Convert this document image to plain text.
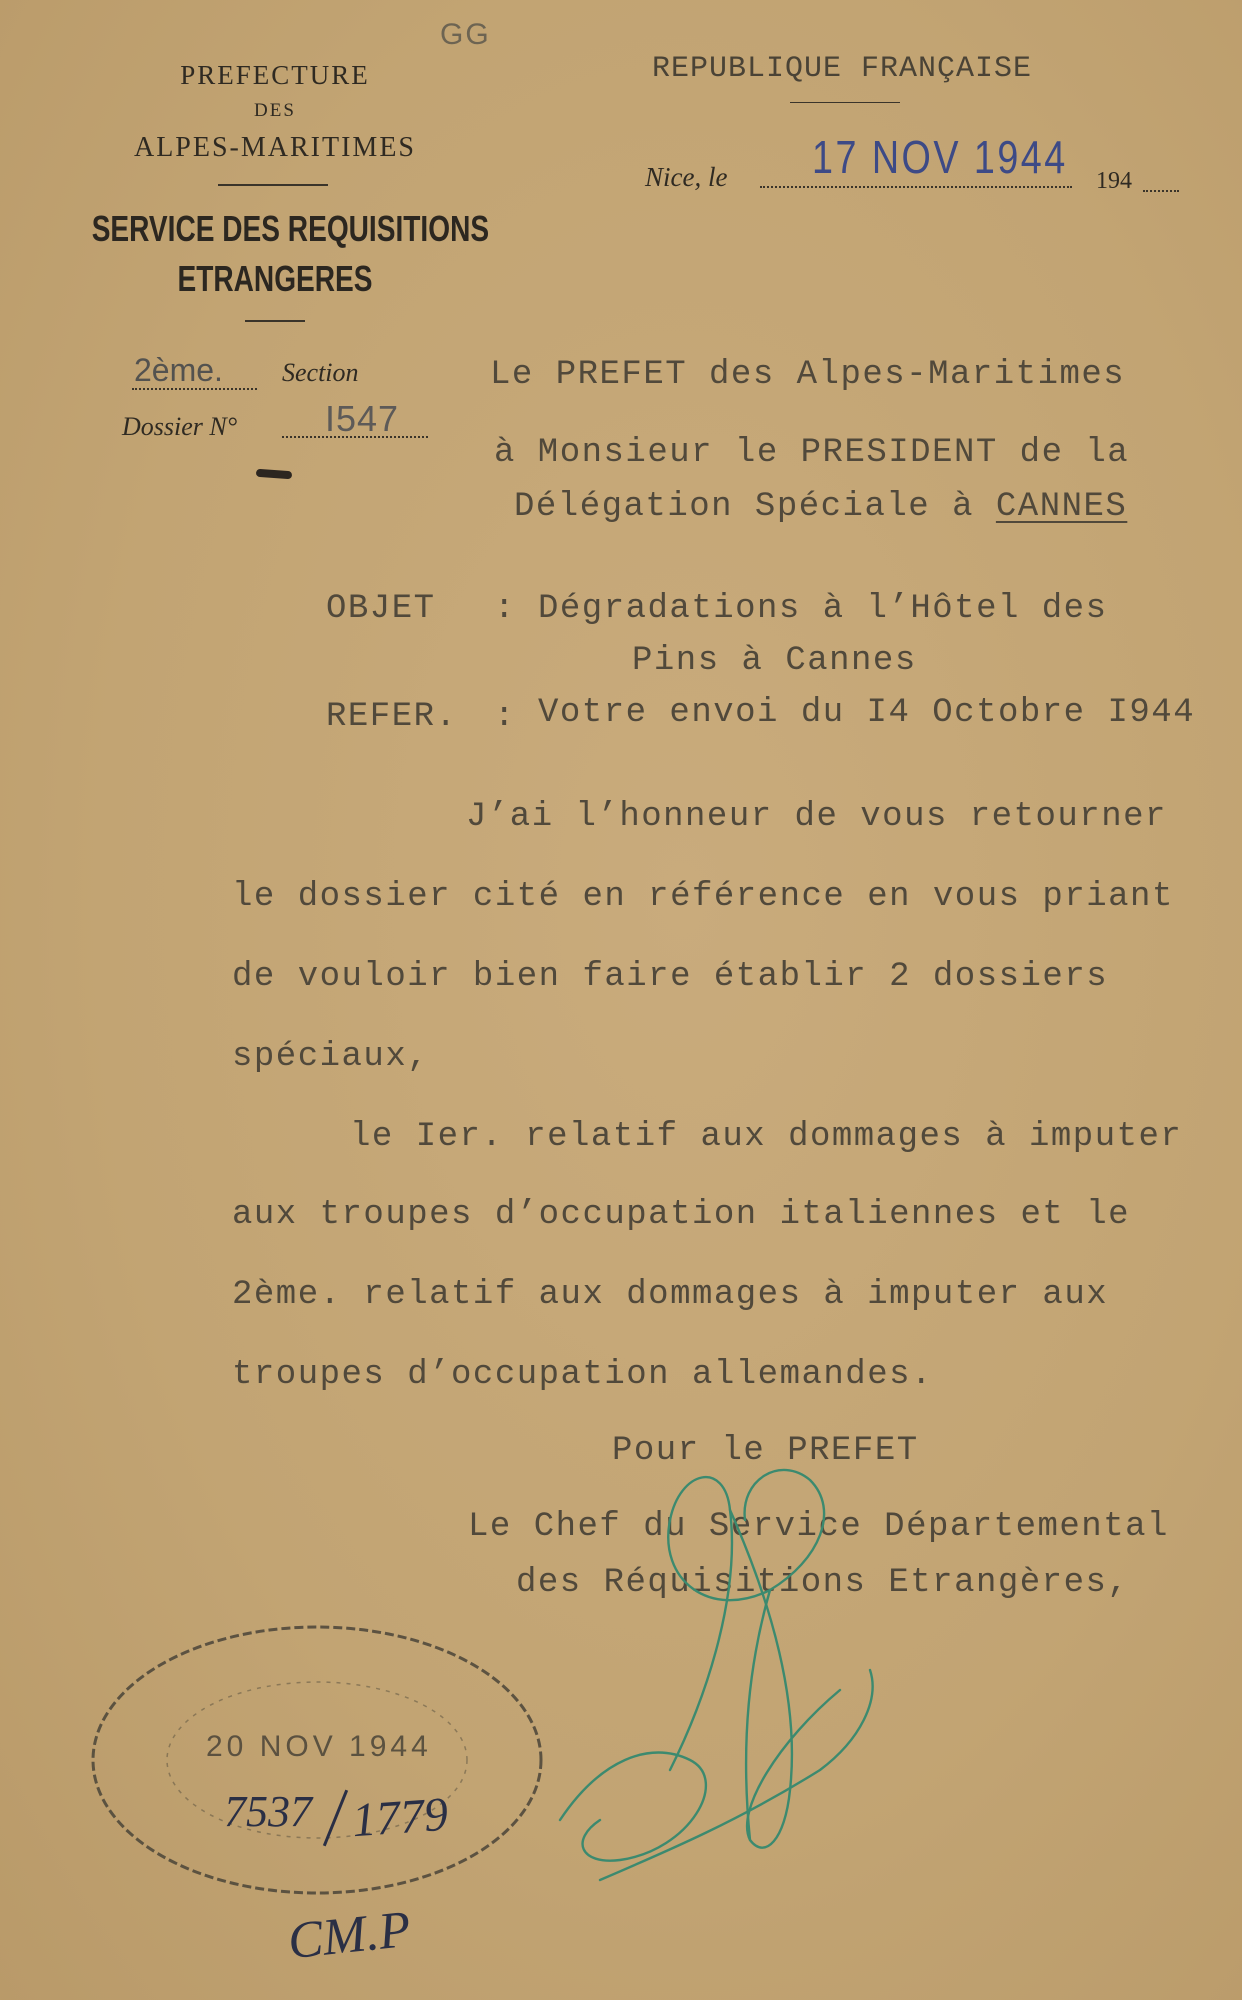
GG
PREFECTURE
DES
ALPES-MARITIMES
SERVICE DES REQUISITIONS
ETRANGERES
REPUBLIQUE FRANÇAISE
Nice, le 17 NOV 1944 194
2ème. Section
Dossier N° I547
Le PREFET des Alpes-Maritimes
à Monsieur le PRESIDENT de la
Délégation Spéciale à CANNES
OBJET : Dégradations à l’Hôtel des
Pins à Cannes
REFER. : Votre envoi du I4 Octobre I944
J’ai l’honneur de vous retourner
le dossier cité en référence en vous priant
de vouloir bien faire établir 2 dossiers
spéciaux,
le Ier. relatif aux dommages à imputer
aux troupes d’occupation italiennes et le
2ème. relatif aux dommages à imputer aux
troupes d’occupation allemandes.
Pour le PREFET
Le Chef du Service Départemental
des Réquisitions Etrangères,
20 NOV 1944
7537 1779
CM.P
